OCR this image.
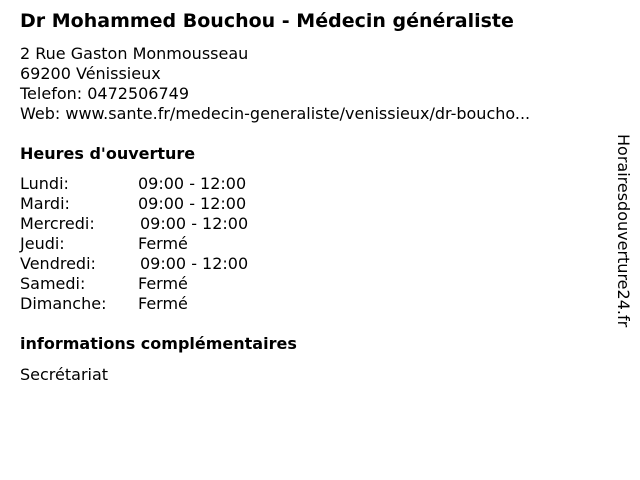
Dr Mohammed Bouchou - Médecin généraliste
2 Rue Gaston Monmousseau
69200 Vénissieux
Telefon: 0472506749
Web: www.sante.fr/medecin-generaliste/venissieux/dr-boucho...
Heures d'ouverture
Lundi:	09:00 - 12:00
Mardi:	09:00 - 12:00
Mercredi:	09:00 - 12:00
Jeudi:	Fermé
Vendredi:	09:00 - 12:00
Samedi:	Fermé
Dimanche: Fermé
informations complémentaires
Secrétariat
Horairesdouverture24.fr
